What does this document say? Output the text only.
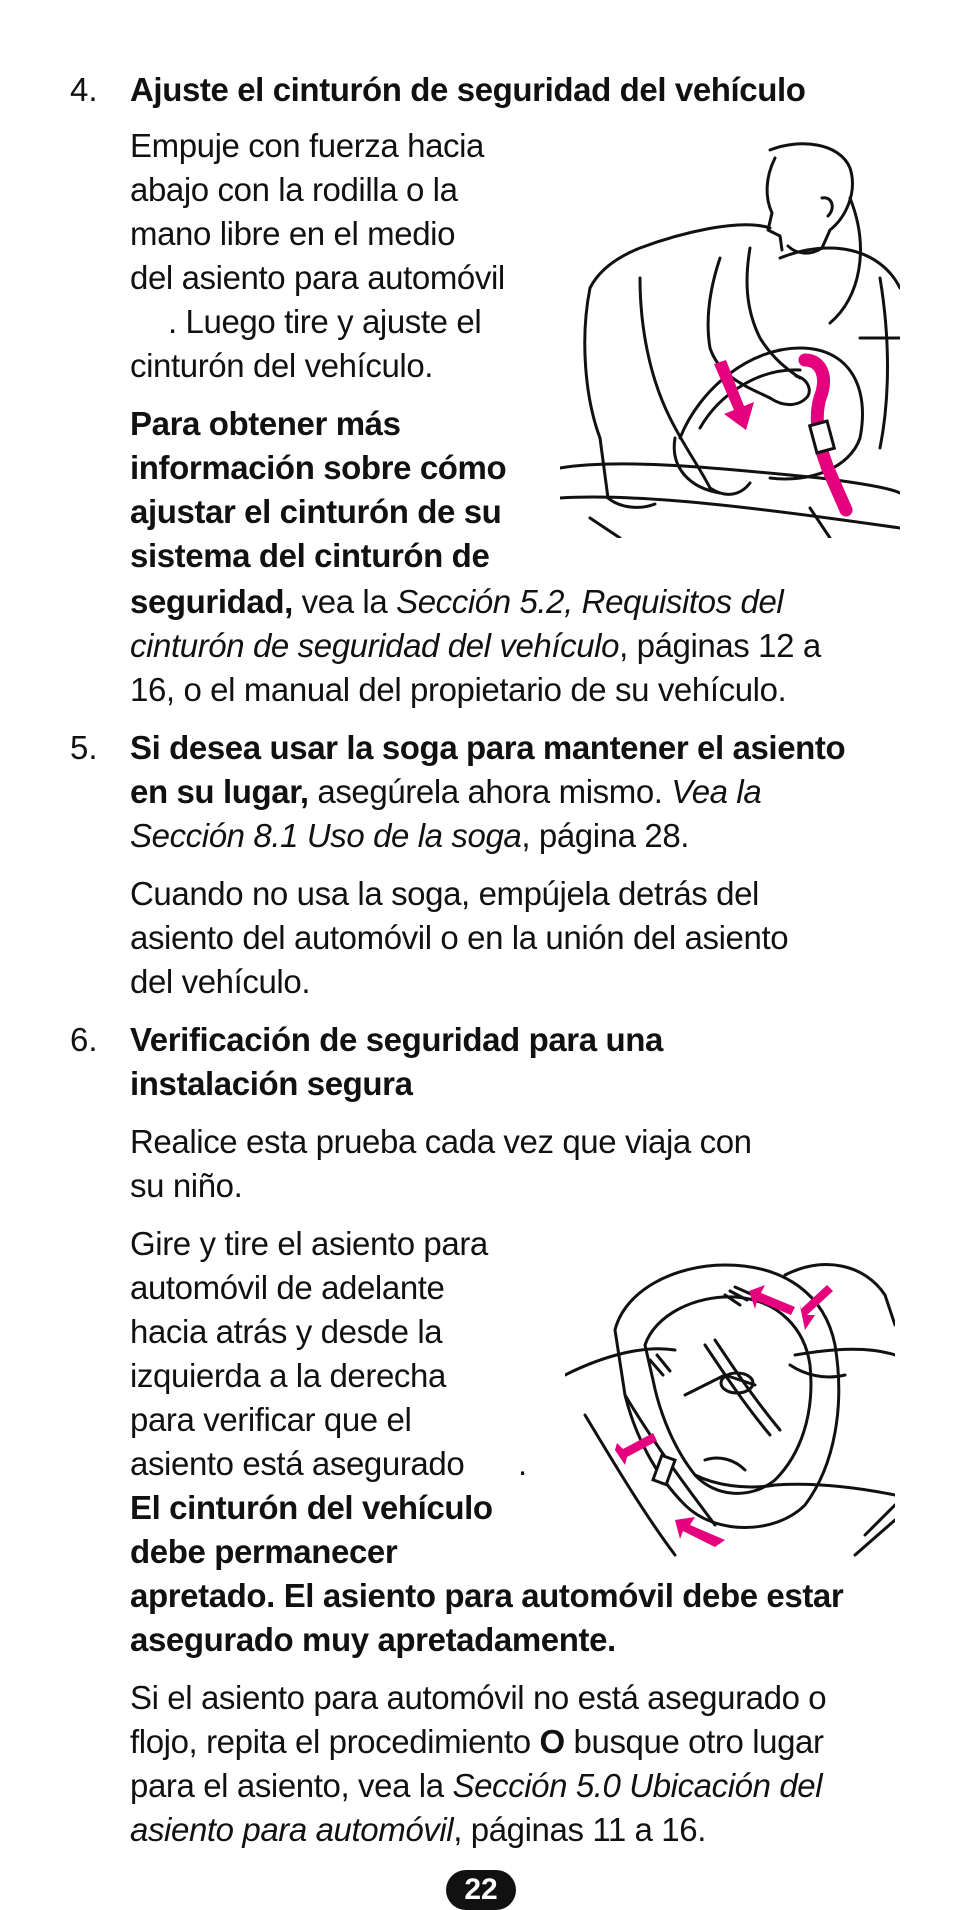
4. Ajuste el cinturón de seguridad del vehículo
Empuje con fuerza hacia
abajo con la rodilla o la
mano libre en el medio
del asiento para automóvil
. Luego tire y ajuste el
cinturón del vehículo.
Para obtener más
información sobre cómo
ajustar el cinturón de su
sistema del cinturón de
seguridad, vea la Sección 5.2, Requisitos del
cinturón de seguridad del vehículo, páginas 12 a
16, o el manual del propietario de su vehículo.
5. Si desea usar la soga para mantener el asiento
en su lugar, asegúrela ahora mismo. Vea la
Sección 8.1 Uso de la soga, página 28.
Cuando no usa la soga, empújela detrás del
asiento del automóvil o en la unión del asiento
del vehículo.
6. Verificación de seguridad para una
instalación segura
Realice esta prueba cada vez que viaja con
su niño.
Gire y tire el asiento para
automóvil de adelante
hacia atrás y desde la
izquierda a la derecha
para verificar que el
asiento está asegurado .
El cinturón del vehículo
debe permanecer
apretado. El asiento para automóvil debe estar
asegurado muy apretadamente.
Si el asiento para automóvil no está asegurado o
flojo, repita el procedimiento O busque otro lugar
para el asiento, vea la Sección 5.0 Ubicación del
asiento para automóvil, páginas 11 a 16.
22
